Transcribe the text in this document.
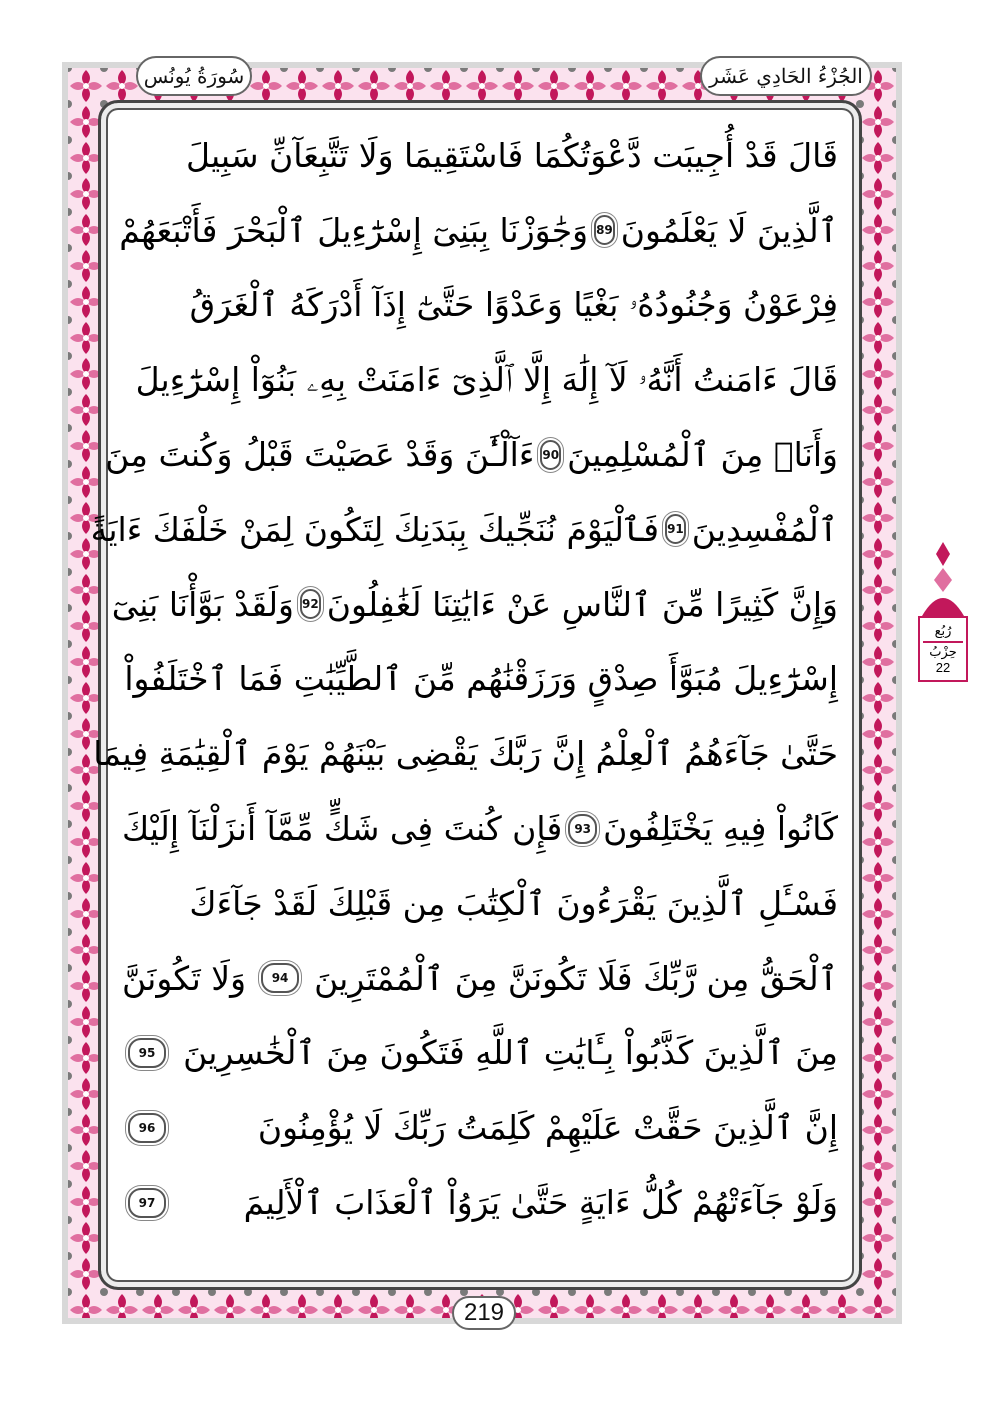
سُورَةُ يُونُس	الجُزْءُ الحَادِي عَشَر
قَالَ قَدْ أُجِيبَت دَّعْوَتُكُمَا فَاسْتَقِيمَا وَلَا تَتَّبِعَآنِّ سَبِيلَ
ٱلَّذِينَ لَا يَعْلَمُونَ
89
وَجَٰوَزْنَا بِبَنِىٓ إِسْرَٰٓءِيلَ ٱلْبَحْرَ فَأَتْبَعَهُمْ
فِرْعَوْنُ وَجُنُودُهُۥ بَغْيًا وَعَدْوًا حَتَّىٰٓ إِذَآ أَدْرَكَهُ ٱلْغَرَقُ
قَالَ ءَامَنتُ أَنَّهُۥ لَآ إِلَٰهَ إِلَّا ٱلَّذِىٓ ءَامَنَتْ بِهِۦ بَنُوٓاْ إِسْرَٰٓءِيلَ
وَأَنَا۠ مِنَ ٱلْمُسْلِمِينَ
90
ءَآلْـَٰٔنَ وَقَدْ عَصَيْتَ قَبْلُ وَكُنتَ مِنَ
ٱلْمُفْسِدِينَ
91
فَٱلْيَوْمَ نُنَجِّيكَ بِبَدَنِكَ لِتَكُونَ لِمَنْ خَلْفَكَ ءَايَةً
وَإِنَّ كَثِيرًا مِّنَ ٱلنَّاسِ عَنْ ءَايَٰتِنَا لَغَٰفِلُونَ
92
وَلَقَدْ بَوَّأْنَا بَنِىٓ
إِسْرَٰٓءِيلَ مُبَوَّأَ صِدْقٍ وَرَزَقْنَٰهُم مِّنَ ٱلطَّيِّبَٰتِ فَمَا ٱخْتَلَفُواْ
حَتَّىٰ جَآءَهُمُ ٱلْعِلْمُ إِنَّ رَبَّكَ يَقْضِى بَيْنَهُمْ يَوْمَ ٱلْقِيَٰمَةِ فِيمَا
كَانُواْ فِيهِ يَخْتَلِفُونَ
93
فَإِن كُنتَ فِى شَكٍّ مِّمَّآ أَنزَلْنَآ إِلَيْكَ
فَسْـَٔلِ ٱلَّذِينَ يَقْرَءُونَ ٱلْكِتَٰبَ مِن قَبْلِكَ لَقَدْ جَآءَكَ
ٱلْحَقُّ مِن رَّبِّكَ فَلَا تَكُونَنَّ مِنَ ٱلْمُمْتَرِينَ
94
وَلَا تَكُونَنَّ
مِنَ ٱلَّذِينَ كَذَّبُواْ بِـَٔايَٰتِ ٱللَّهِ فَتَكُونَ مِنَ ٱلْخَٰسِرِينَ
95
إِنَّ ٱلَّذِينَ حَقَّتْ عَلَيْهِمْ كَلِمَتُ رَبِّكَ لَا يُؤْمِنُونَ
96
وَلَوْ جَآءَتْهُمْ كُلُّ ءَايَةٍ حَتَّىٰ يَرَوُاْ ٱلْعَذَابَ ٱلْأَلِيمَ
97
رُبُع
حِزْبُ
22
219
